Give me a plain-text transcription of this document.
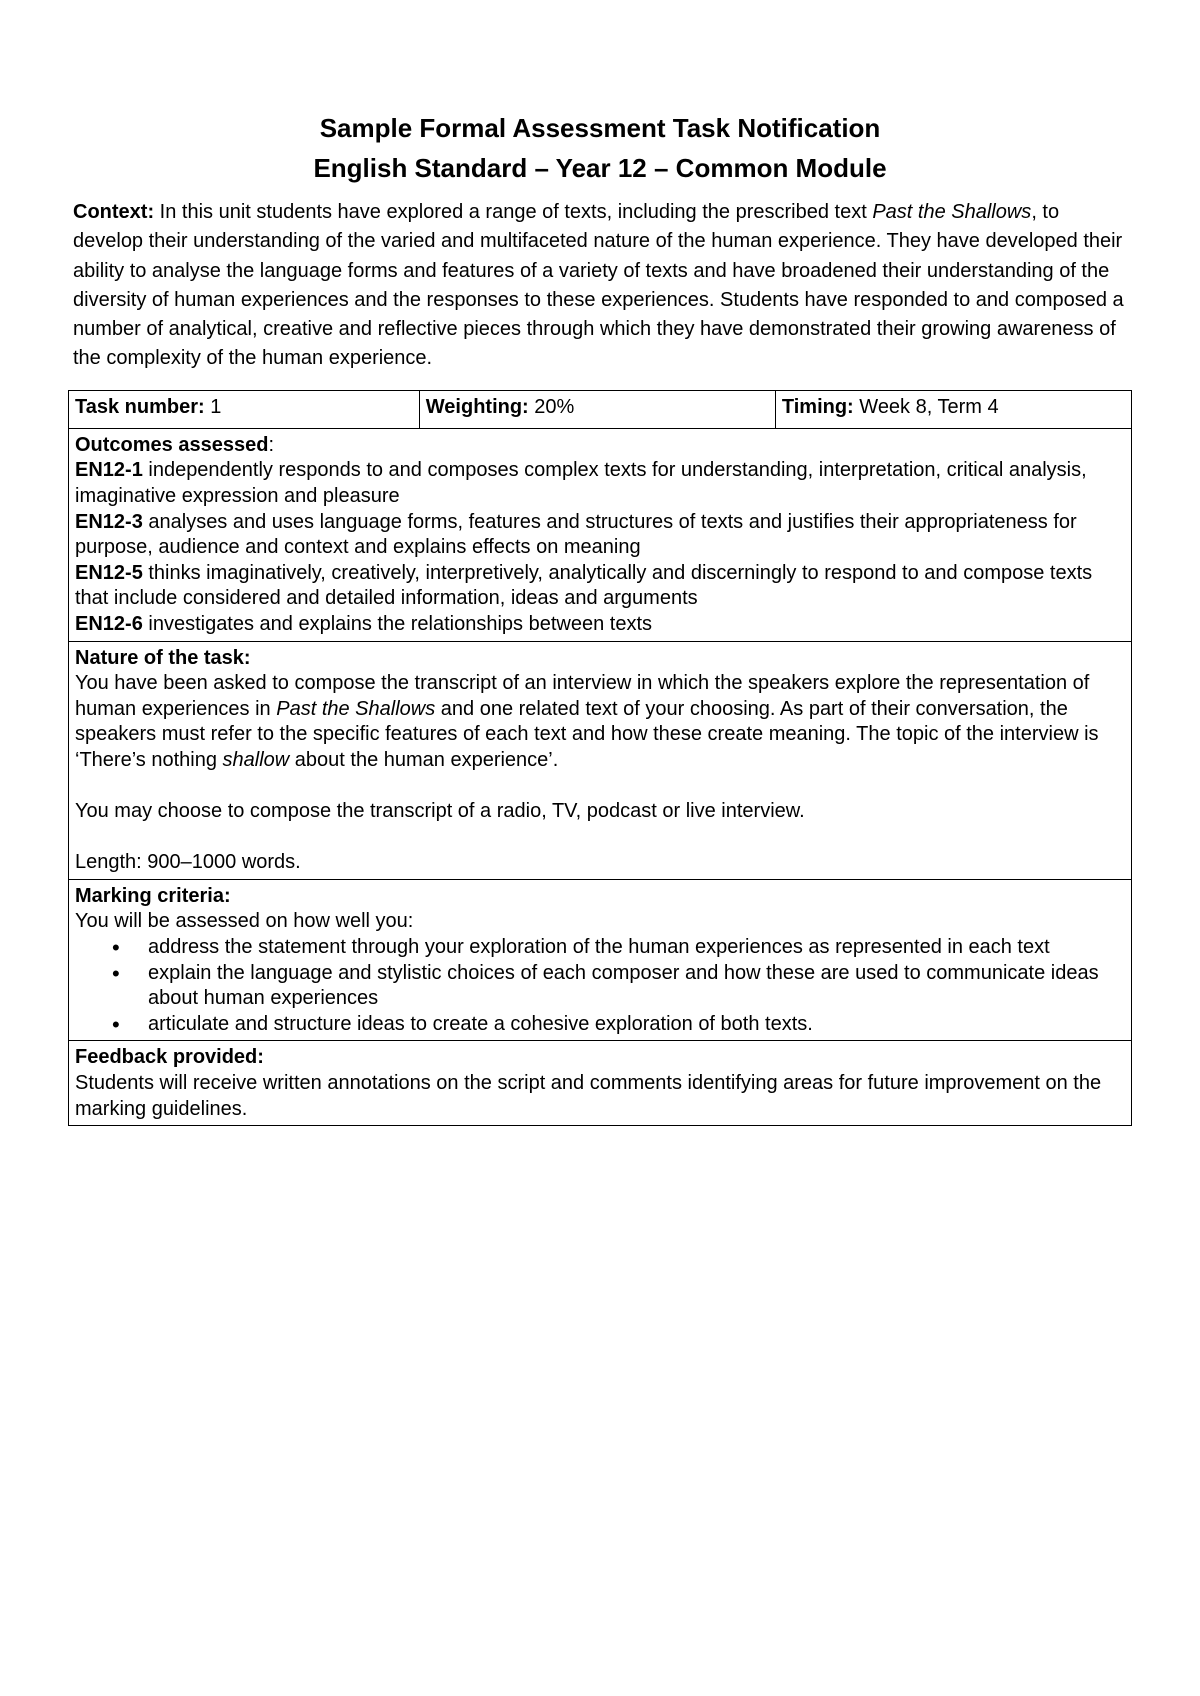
Sample Formal Assessment Task Notification
English Standard – Year 12 – Common Module

Context: In this unit students have explored a range of texts, including the prescribed text Past the Shallows, to develop their understanding of the varied and multifaceted nature of the human experience. They have developed their ability to analyse the language forms and features of a variety of texts and have broadened their understanding of the diversity of human experiences and the responses to these experiences. Students have responded to and composed a number of analytical, creative and reflective pieces through which they have demonstrated their growing awareness of the complexity of the human experience.

Task number: 1	Weighting: 20%	Timing: Week 8, Term 4

Outcomes assessed:
EN12-1 independently responds to and composes complex texts for understanding, interpretation, critical analysis, imaginative expression and pleasure
EN12-3 analyses and uses language forms, features and structures of texts and justifies their appropriateness for purpose, audience and context and explains effects on meaning
EN12-5 thinks imaginatively, creatively, interpretively, analytically and discerningly to respond to and compose texts that include considered and detailed information, ideas and arguments
EN12-6 investigates and explains the relationships between texts

Nature of the task:
You have been asked to compose the transcript of an interview in which the speakers explore the representation of human experiences in Past the Shallows and one related text of your choosing. As part of their conversation, the speakers must refer to the specific features of each text and how these create meaning. The topic of the interview is ‘There’s nothing shallow about the human experience’.
You may choose to compose the transcript of a radio, TV, podcast or live interview.
Length: 900–1000 words.

Marking criteria:
You will be assessed on how well you:
• address the statement through your exploration of the human experiences as represented in each text
• explain the language and stylistic choices of each composer and how these are used to communicate ideas about human experiences
• articulate and structure ideas to create a cohesive exploration of both texts.

Feedback provided:
Students will receive written annotations on the script and comments identifying areas for future improvement on the marking guidelines.
